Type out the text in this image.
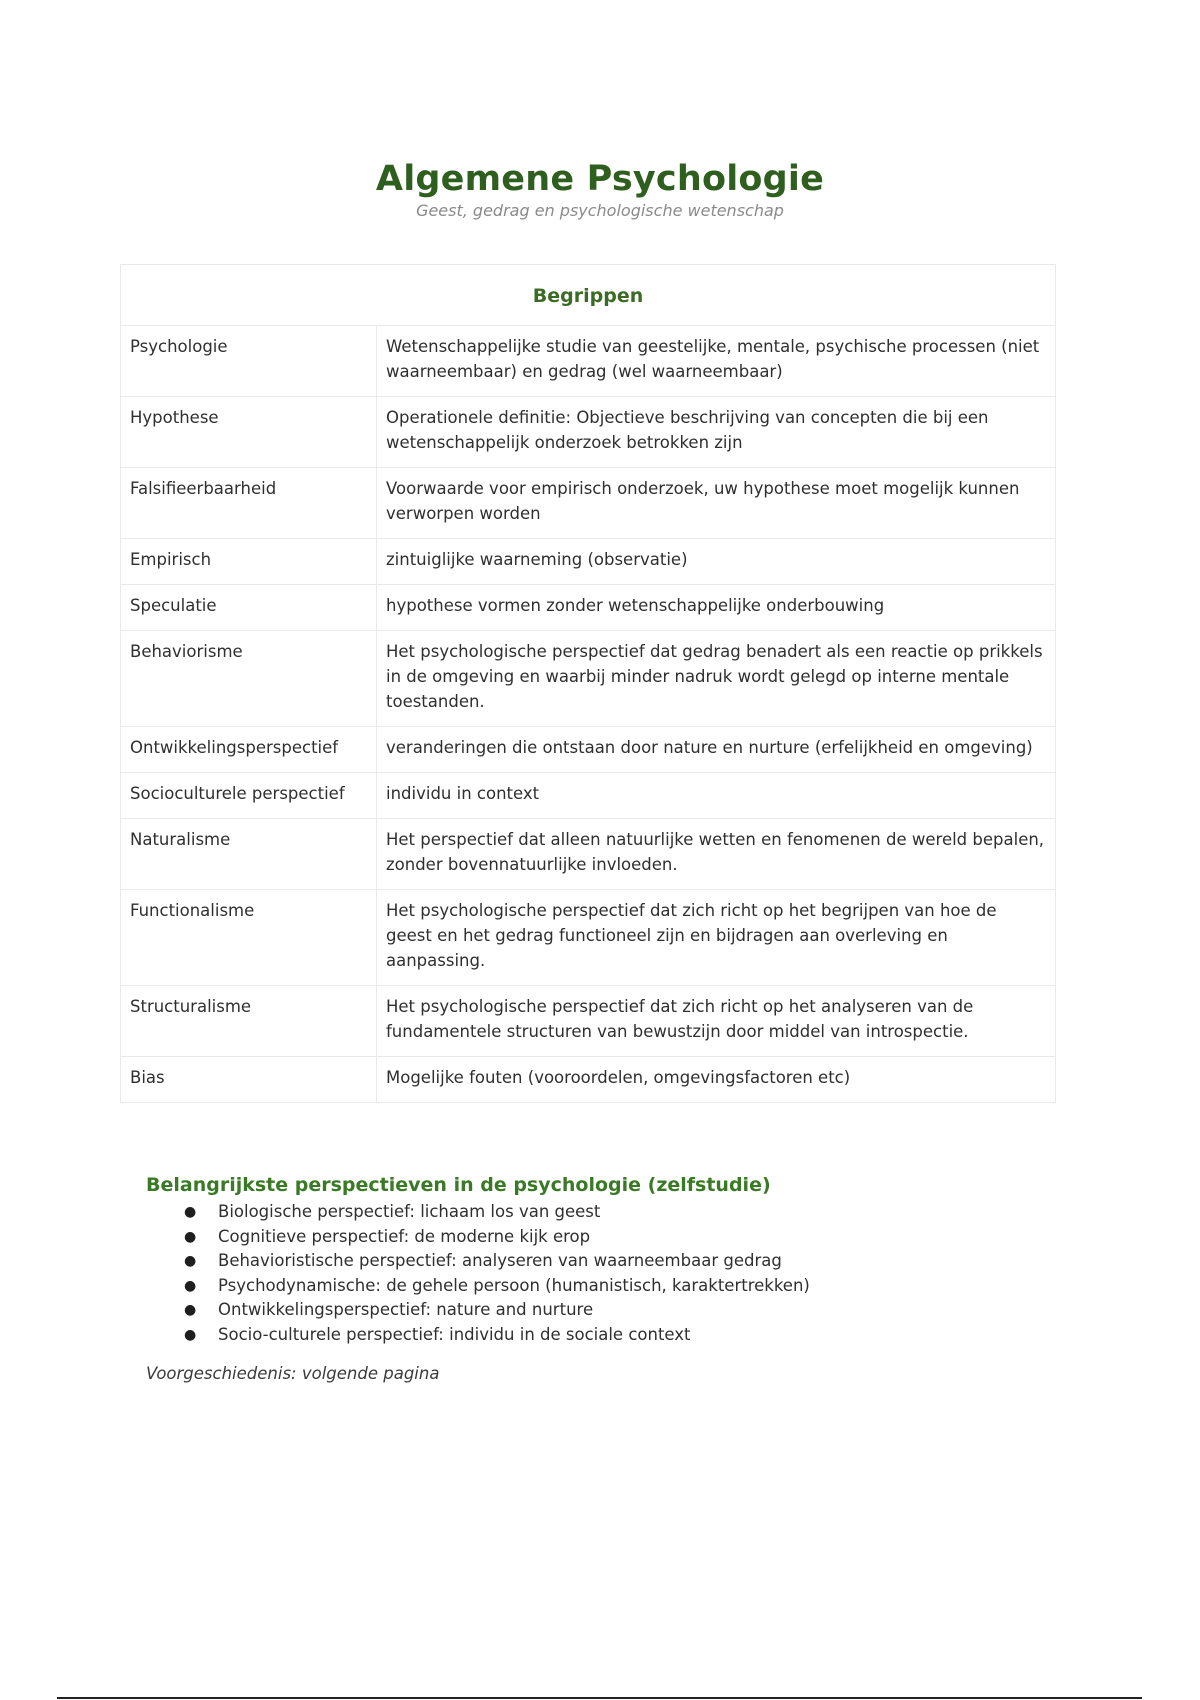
Algemene Psychologie
Geest, gedrag en psychologische wetenschap
Begrippen	
Psychologie	Wetenschappelijke studie van geestelijke, mentale, psychische processen (niet waarneembaar) en gedrag (wel waarneembaar)
Hypothese	Operationele definitie: Objectieve beschrijving van concepten die bij een wetenschappelijk onderzoek betrokken zijn
Falsifieerbaarheid	Voorwaarde voor empirisch onderzoek, uw hypothese moet mogelijk kunnen verworpen worden
Empirisch	zintuiglijke waarneming (observatie)
Speculatie	hypothese vormen zonder wetenschappelijke onderbouwing
Behaviorisme	Het psychologische perspectief dat gedrag benadert als een reactie op prikkels in de omgeving en waarbij minder nadruk wordt gelegd op interne mentale toestanden.
Ontwikkelingsperspectief	veranderingen die ontstaan door nature en nurture (erfelijkheid en omgeving)
Socioculturele perspectief	individu in context
Naturalisme	Het perspectief dat alleen natuurlijke wetten en fenomenen de wereld bepalen, zonder bovennatuurlijke invloeden.
Functionalisme	Het psychologische perspectief dat zich richt op het begrijpen van hoe de geest en het gedrag functioneel zijn en bijdragen aan overleving en aanpassing.
Structuralisme	Het psychologische perspectief dat zich richt op het analyseren van de fundamentele structuren van bewustzijn door middel van introspectie.
Bias	Mogelijke fouten (vooroordelen, omgevingsfactoren etc)
Belangrijkste perspectieven in de psychologie (zelfstudie)
● Biologische perspectief: lichaam los van geest
● Cognitieve perspectief: de moderne kijk erop
● Behavioristische perspectief: analyseren van waarneembaar gedrag
● Psychodynamische: de gehele persoon (humanistisch, karaktertrekken)
● Ontwikkelingsperspectief: nature and nurture
● Socio-culturele perspectief: individu in de sociale context
Voorgeschiedenis: volgende pagina
